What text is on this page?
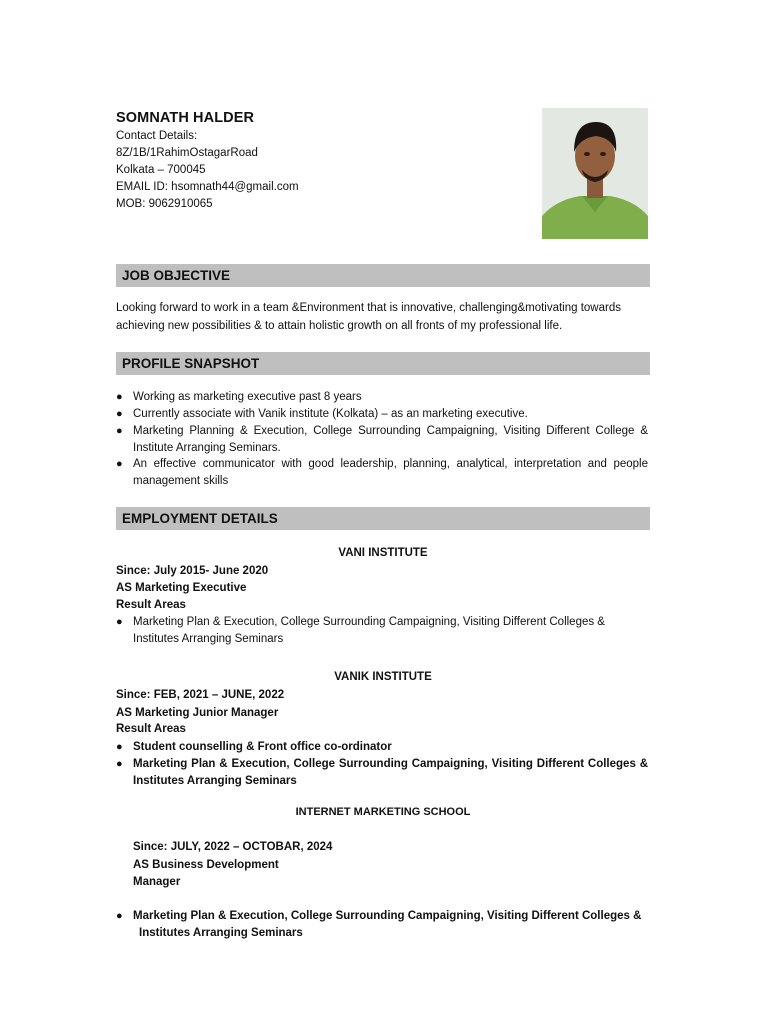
SOMNATH HALDER
Contact Details:
8Z/1B/1RahimOstagarRoad
Kolkata – 700045
EMAIL ID: hsomnath44@gmail.com
MOB: 9062910065
JOB OBJECTIVE
Looking forward to work in a team &Environment that is innovative, challenging&motivating towards achieving new possibilities & to attain holistic growth on all fronts of my professional life.
PROFILE SNAPSHOT
● Working as marketing executive past 8 years
● Currently associate with Vanik institute (Kolkata) – as an marketing executive.
● Marketing Planning & Execution, College Surrounding Campaigning, Visiting Different College & Institute Arranging Seminars.
● An effective communicator with good leadership, planning, analytical, interpretation and people management skills
EMPLOYMENT DETAILS
VANI INSTITUTE
Since: July 2015- June 2020
AS Marketing Executive
Result Areas
● Marketing Plan & Execution, College Surrounding Campaigning, Visiting Different Colleges & Institutes Arranging Seminars
VANIK INSTITUTE
Since: FEB, 2021 – JUNE, 2022
AS Marketing Junior Manager
Result Areas
● Student counselling & Front office co-ordinator
● Marketing Plan & Execution, College Surrounding Campaigning, Visiting Different Colleges & Institutes Arranging Seminars
INTERNET MARKETING SCHOOL
Since: JULY, 2022 – OCTOBAR, 2024
AS Business Development
Manager
● Marketing Plan & Execution, College Surrounding Campaigning, Visiting Different Colleges &
Institutes Arranging Seminars
